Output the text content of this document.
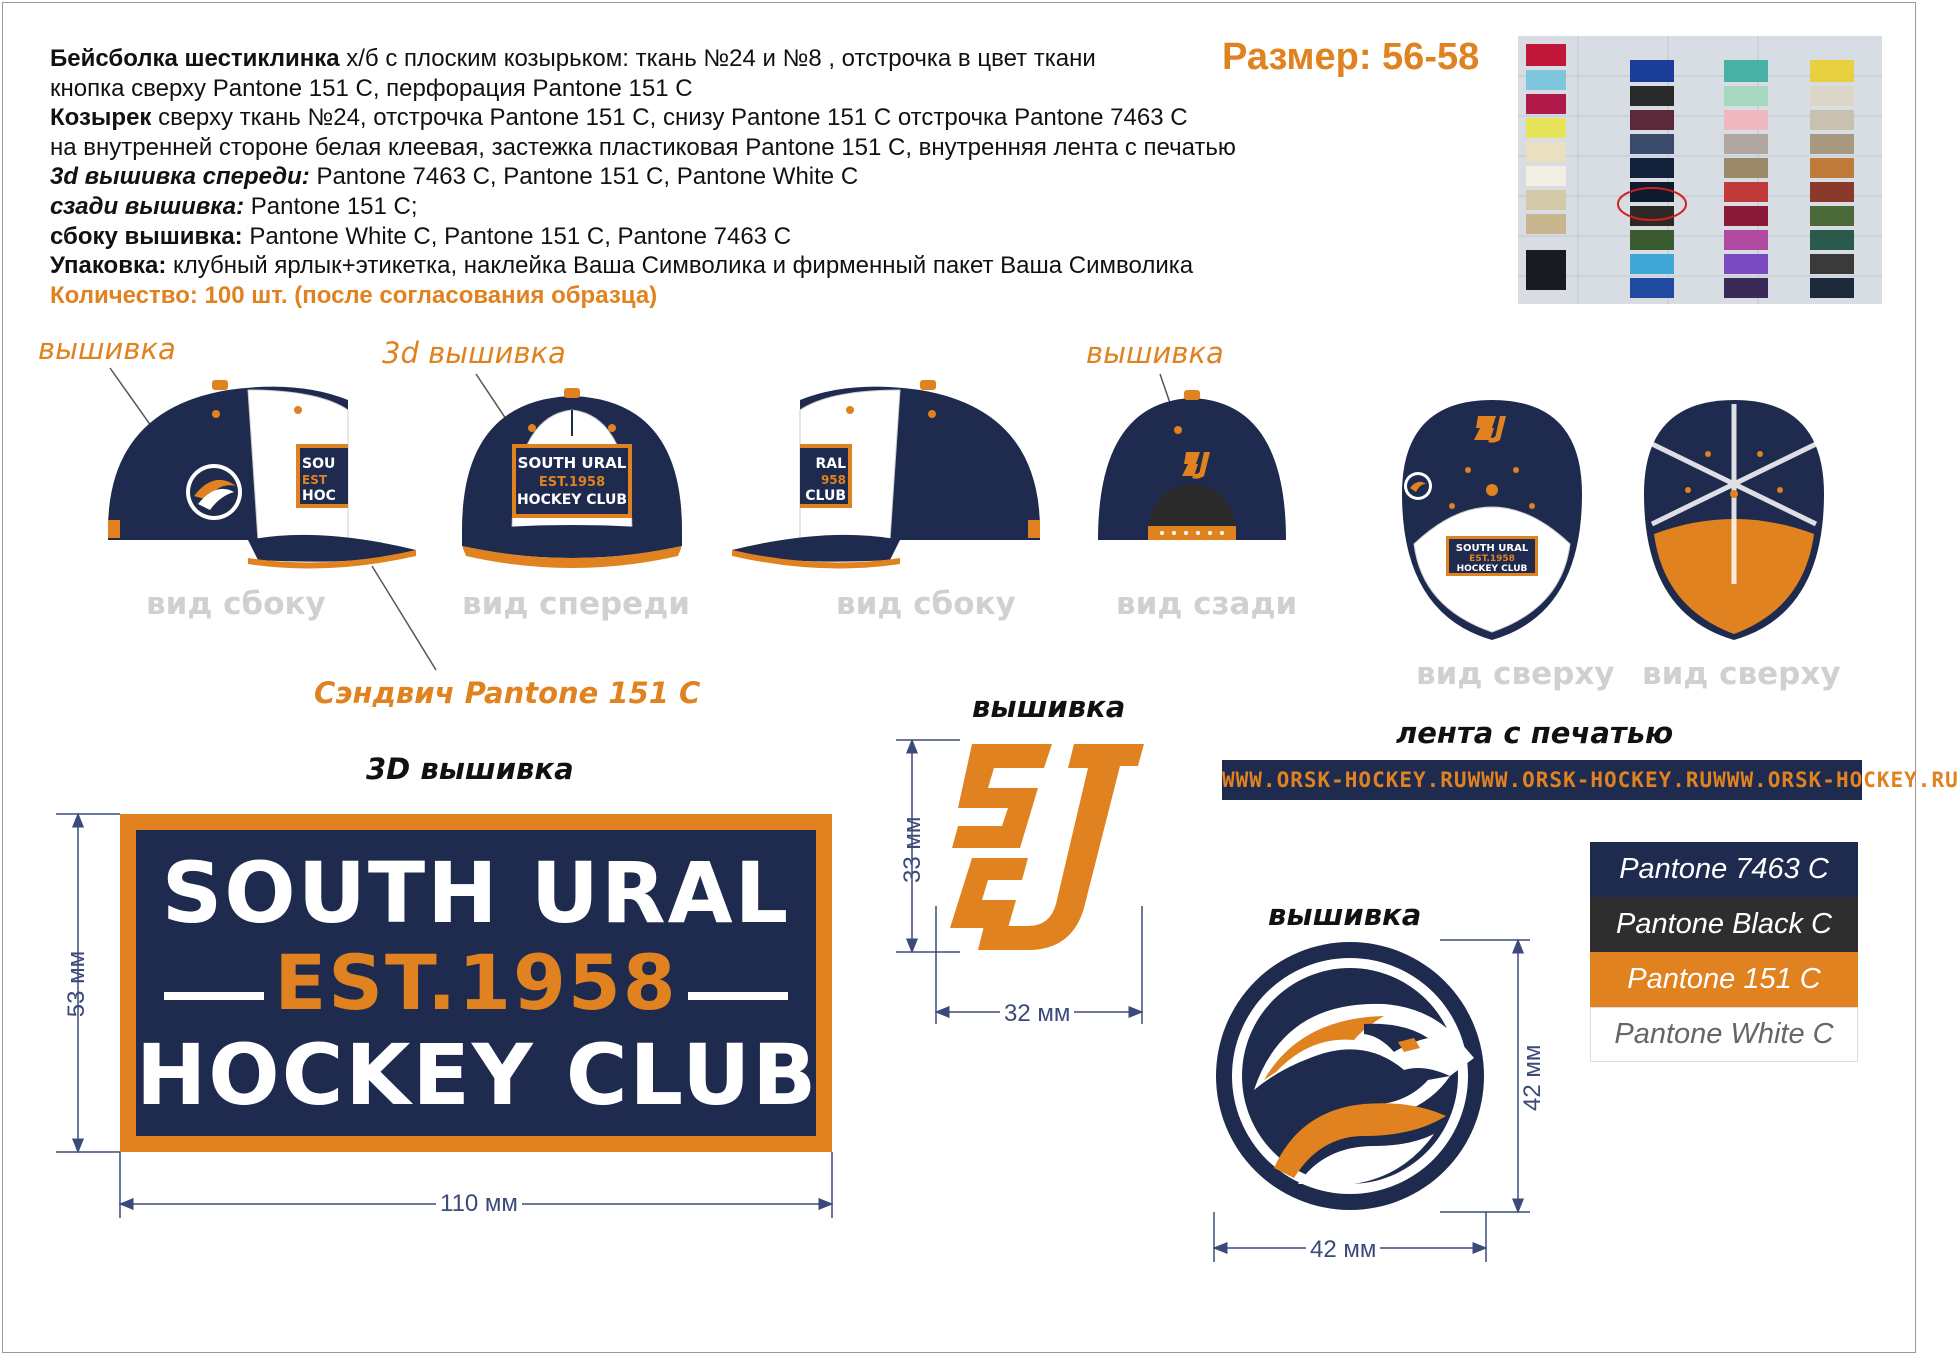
Бейсболка шестиклинка х/б с плоским козырьком: ткань №24 и №8 , отстрочка в цвет ткани
кнопка сверху Pantone 151 C, перфорация Pantone 151 C
Козырек сверху ткань №24, отстрочка Pantone 151 C, снизу Pantone 151 C отстрочка Pantone 7463 C
на внутренней стороне белая клеевая, застежка пластиковая Pantone 151 C, внутренняя лента с печатью
3d вышивка спереди: Pantone 7463 C, Pantone 151 C, Pantone White C
сзади вышивка: Pantone 151 C;
сбоку вышивка: Pantone White C, Pantone 151 C, Pantone 7463 C
Упаковка: клубный ярлык+этикетка, наклейка Ваша Символика и фирменный пакет Ваша Символика
Количество: 100 шт. (после согласования образца)
Размер: 56-58
вышивка	3d вышивка	вышивка
Сэндвич Pantone 151 C
SOU
EST
HOC
SOUTH URAL
EST.1958
HOCKEY CLUB
RAL
958
CLUB
SOUTH URAL
EST.1958
HOCKEY CLUB
вид сбоку	вид спереди	вид сбоку	вид сзади
вид сверху вид сверху
3D вышивка
SOUTH URAL
EST.1958
HOCKEY CLUB
53 мм
110 мм
вышивка
33 мм
32 мм
лента с печатью
WWW.ORSK-HOCKEY.RU WWW.ORSK-HOCKEY.RU WWW.ORSK-HOCKEY.RU
Pantone 7463 C
Pantone Black C
Pantone 151 C
Pantone White C
вышивка
42 мм
42 мм
